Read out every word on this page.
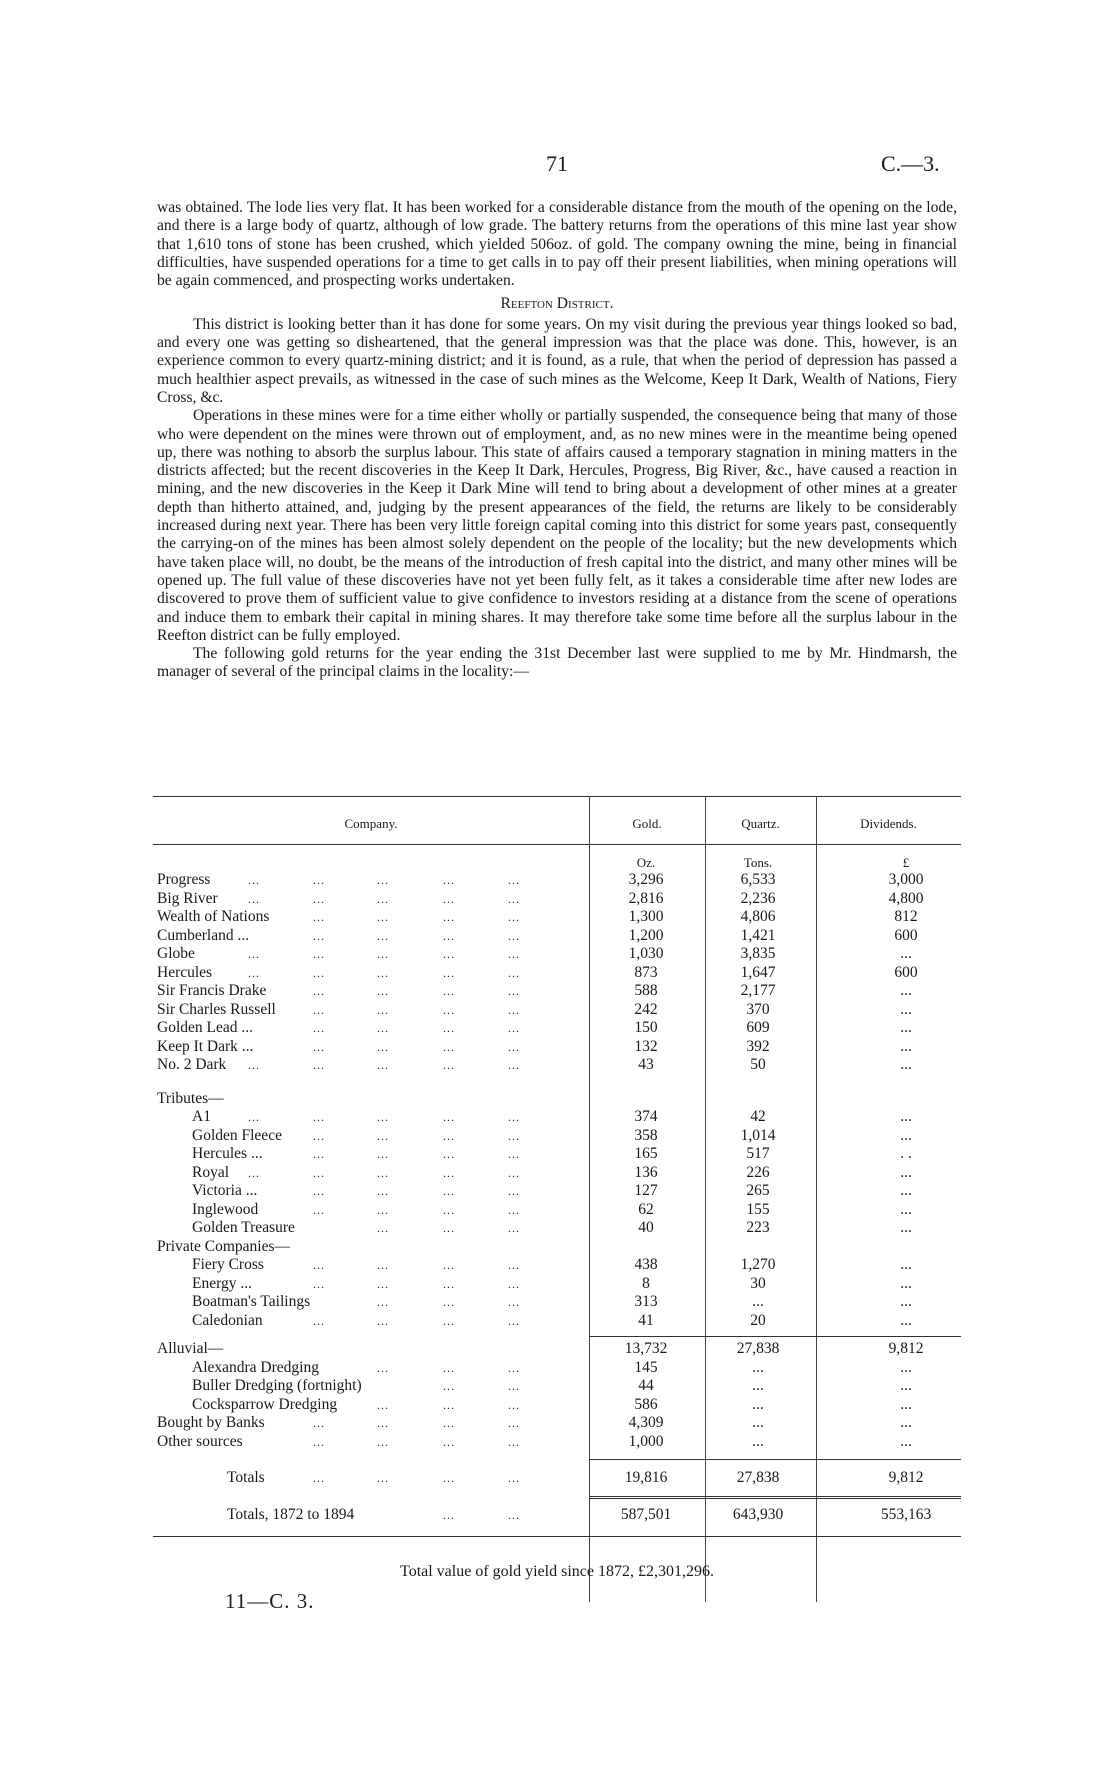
71	C.—3.

was obtained. The lode lies very flat. It has been worked for a considerable distance from the mouth of the opening on the lode, and there is a large body of quartz, although of low grade. The battery returns from the operations of this mine last year show that 1,610 tons of stone has been crushed, which yielded 506oz. of gold. The company owning the mine, being in financial difficulties, have suspended operations for a time to get calls in to pay off their present liabilities, when mining operations will be again commenced, and prospecting works undertaken.

Reefton District.

This district is looking better than it has done for some years. On my visit during the previous year things looked so bad, and every one was getting so disheartened, that the general impression was that the place was done. This, however, is an experience common to every quartz-mining district; and it is found, as a rule, that when the period of depression has passed a much healthier aspect prevails, as witnessed in the case of such mines as the Welcome, Keep It Dark, Wealth of Nations, Fiery Cross, &c.

Operations in these mines were for a time either wholly or partially suspended, the consequence being that many of those who were dependent on the mines were thrown out of employment, and, as no new mines were in the meantime being opened up, there was nothing to absorb the surplus labour. This state of affairs caused a temporary stagnation in mining matters in the districts affected; but the recent discoveries in the Keep It Dark, Hercules, Progress, Big River, &c., have caused a reaction in mining, and the new discoveries in the Keep it Dark Mine will tend to bring about a development of other mines at a greater depth than hitherto attained, and, judging by the present appearances of the field, the returns are likely to be considerably increased during next year. There has been very little foreign capital coming into this district for some years past, consequently the carrying-on of the mines has been almost solely dependent on the people of the locality; but the new developments which have taken place will, no doubt, be the means of the introduction of fresh capital into the district, and many other mines will be opened up. The full value of these discoveries have not yet been fully felt, as it takes a considerable time after new lodes are discovered to prove them of sufficient value to give confidence to investors residing at a distance from the scene of operations and induce them to embark their capital in mining shares. It may therefore take some time before all the surplus labour in the Reefton district can be fully employed.

The following gold returns for the year ending the 31st December last were supplied to me by Mr. Hindmarsh, the manager of several of the principal claims in the locality:—

Company.	Gold.	Quartz.	Dividends.
Oz.	Tons.	£
Progress	...	...	...	...	...	3,296	6,533	3,000
Big River	...	...	...	...	...	2,816	2,236	4,800
Wealth of Nations	...	...	...	...	1,300	4,806	812
Cumberland ...	...	...	...	...	1,200	1,421	600
Globe	...	...	...	...	...	1,030	3,835	...
Hercules	...	...	...	...	...	873	1,647	600
Sir Francis Drake	...	...	...	...	588	2,177	...
Sir Charles Russell	...	...	...	...	242	370	...
Golden Lead ...	...	...	...	...	150	609	...
Keep It Dark ...	...	...	...	...	132	392	...
No. 2 Dark ...	...	...	...	...	43	50	...
Tributes—
A1	...	...	...	...	...	374	42	...
Golden Fleece	...	...	...	...	358	1,014	...
Hercules ...	...	...	...	...	165	517	. .
Royal ...	...	...	...	...	136	226	...
Victoria ...	...	...	...	...	127	265	...
Inglewood	...	...	...	...	62	155	...
Golden Treasure	...	...	...	40	223	...
Private Companies—
Fiery Cross	...	...	...	...	438	1,270	...
Energy ...	...	...	...	...	8	30	...
Boatman's Tailings	...	...	...	313	...	...
Caledonian	...	...	...	...	41	20	...
Alluvial—	13,732	27,838	9,812
Alexandra Dredging	...	...	...	145	...	...
Buller Dredging (fortnight)	...	...	44	...	...
Cocksparrow Dredging	...	...	...	586	...	...
Bought by Banks	...	...	...	...	4,309	...	...
Other sources	...	...	...	...	1,000	...	...
Totals	...	...	...	...	19,816	27,838	9,812
Totals, 1872 to 1894	...	...	587,501	643,930	553,163
Total value of gold yield since 1872, £2,301,296.
11—C. 3.
